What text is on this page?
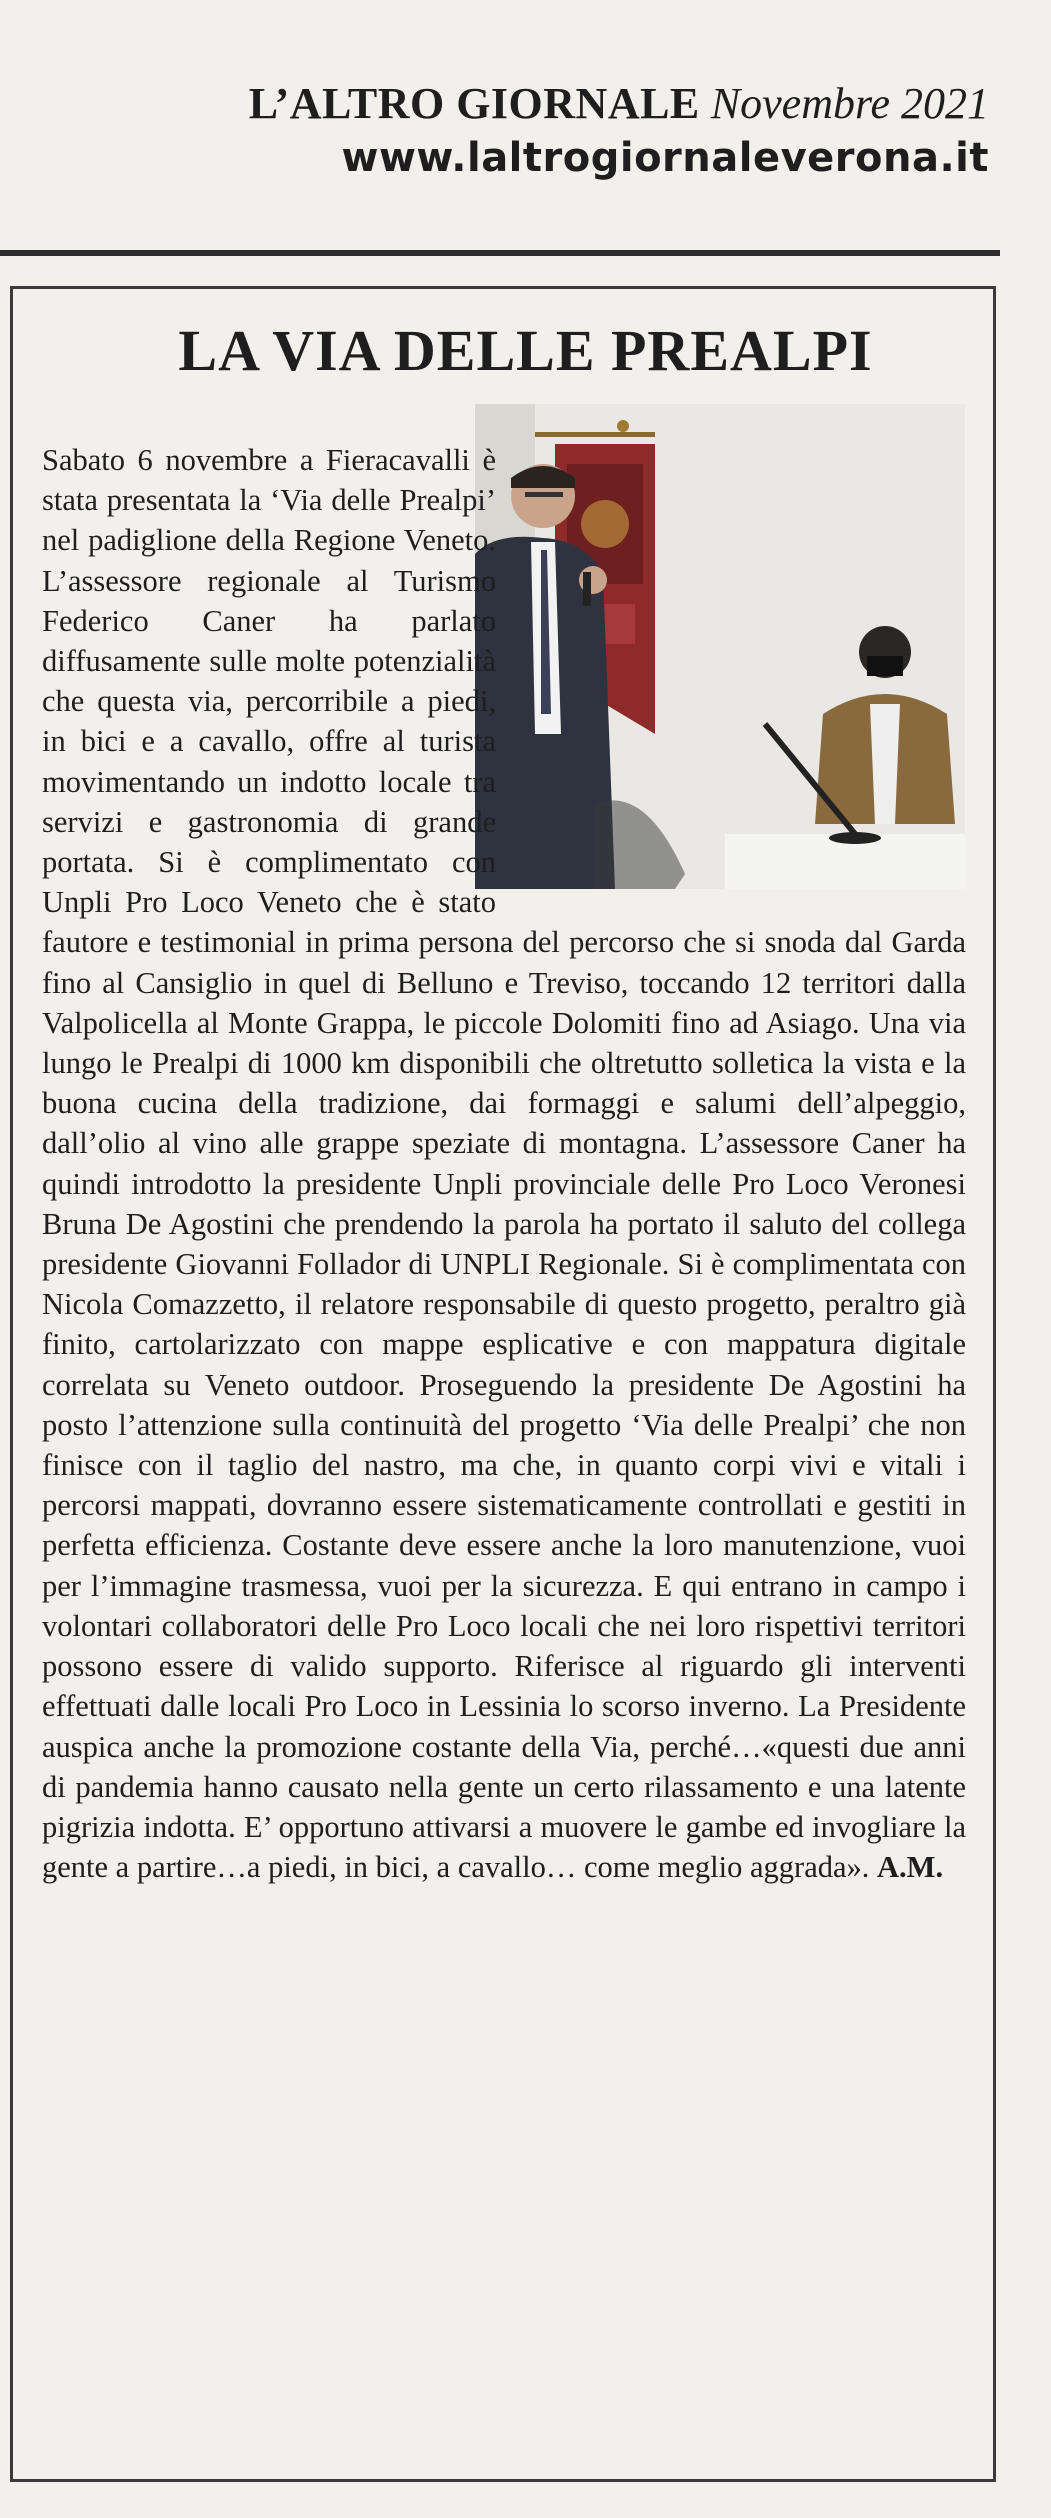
L’ALTRO GIORNALE Novembre 2021
www.laltrogiornaleverona.it
LA VIA DELLE PREALPI

Sabato 6 novembre a Fieracavalli è stata presentata la ‘Via delle Prealpi’ nel padiglione della Regione Veneto. L’assessore regionale al Turismo Federico Caner ha parlato diffusamente sulle molte potenzialità che questa via, percorribile a piedi, in bici e a cavallo, offre al turista movimentando un indotto locale tra servizi e gastronomia di grande portata. Si è complimentato con Unpli Pro Loco Veneto che è stato fautore e testimonial in prima persona del percorso che si snoda dal Garda fino al Cansiglio in quel di Belluno e Treviso, toccando 12 territori dalla Valpolicella al Monte Grappa, le piccole Dolomiti fino ad Asiago. Una via lungo le Prealpi di 1000 km disponibili che oltretutto solletica la vista e la buona cucina della tradizione, dai formaggi e salumi dell’alpeggio, dall’olio al vino alle grappe speziate di montagna. L’assessore Caner ha quindi introdotto la presidente Unpli provinciale delle Pro Loco Veronesi Bruna De Agostini che prendendo la parola ha portato il saluto del collega presidente Giovanni Follador di UNPLI Regionale. Si è complimentata con Nicola Comazzetto, il relatore responsabile di questo progetto, peraltro già finito, cartolarizzato con mappe esplicative e con mappatura digitale correlata su Veneto outdoor. Proseguendo la presidente De Agostini ha posto l’attenzione sulla continuità del progetto ‘Via delle Prealpi’ che non finisce con il taglio del nastro, ma che, in quanto corpi vivi e vitali i percorsi mappati, dovranno essere sistematicamente controllati e gestiti in perfetta efficienza. Costante deve essere anche la loro manutenzione, vuoi per l’immagine trasmessa, vuoi per la sicurezza. E qui entrano in campo i volontari collaboratori delle Pro Loco locali che nei loro rispettivi territori possono essere di valido supporto. Riferisce al riguardo gli interventi effettuati dalle locali Pro Loco in Lessinia lo scorso inverno. La Presidente auspica anche la promozione costante della Via, perché…«questi due anni di pandemia hanno causato nella gente un certo rilassamento e una latente pigrizia indotta. E’ opportuno attivarsi a muovere le gambe ed invogliare la gente a partire…a piedi, in bici, a cavallo… come meglio aggrada». A.M.
